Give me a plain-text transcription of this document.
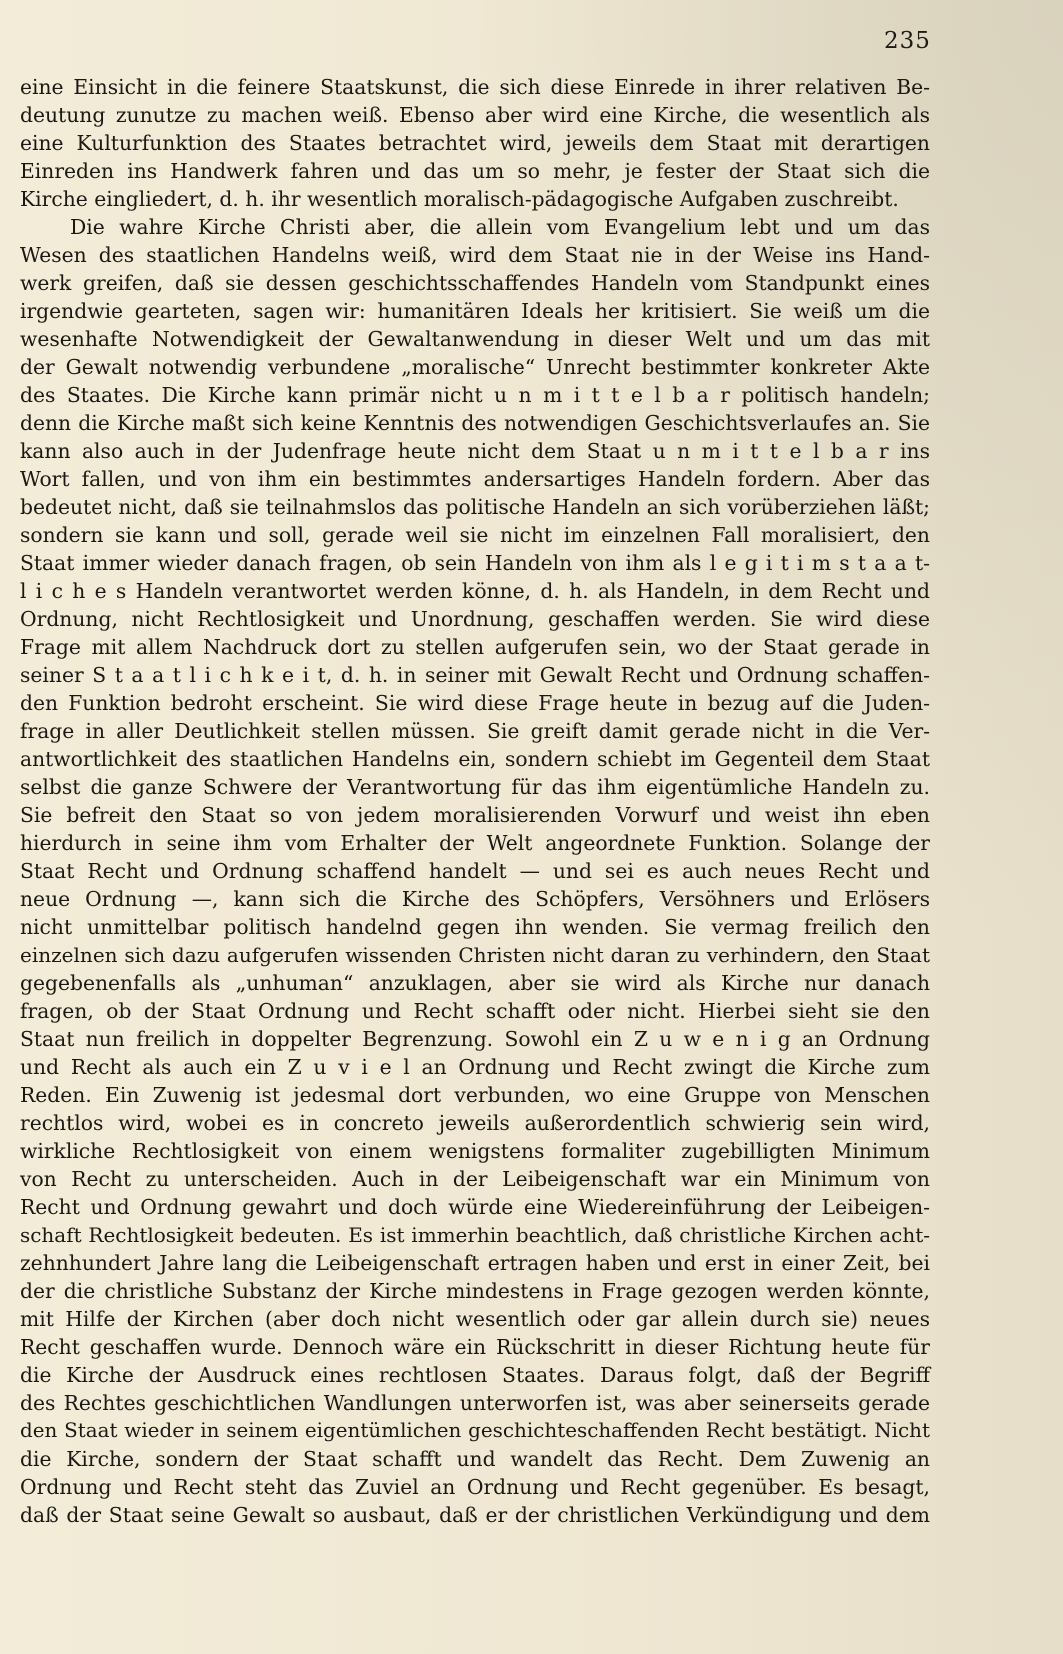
235
eine Einsicht in die feinere Staatskunst, die sich diese Einrede in ihrer relativen Be-
deutung zunutze zu machen weiß. Ebenso aber wird eine Kirche, die wesentlich als
eine Kulturfunktion des Staates betrachtet wird, jeweils dem Staat mit derartigen
Einreden ins Handwerk fahren und das um so mehr, je fester der Staat sich die
Kirche eingliedert, d. h. ihr wesentlich moralisch-pädagogische Aufgaben zuschreibt.
Die wahre Kirche Christi aber, die allein vom Evangelium lebt und um das
Wesen des staatlichen Handelns weiß, wird dem Staat nie in der Weise ins Hand-
werk greifen, daß sie dessen geschichtsschaffendes Handeln vom Standpunkt eines
irgendwie gearteten, sagen wir: humanitären Ideals her kritisiert. Sie weiß um die
wesenhafte Notwendigkeit der Gewaltanwendung in dieser Welt und um das mit
der Gewalt notwendig verbundene „moralische“ Unrecht bestimmter konkreter Akte
des Staates. Die Kirche kann primär nicht u n m i t t e l b a r politisch handeln;
denn die Kirche maßt sich keine Kenntnis des notwendigen Geschichtsverlaufes an. Sie
kann also auch in der Judenfrage heute nicht dem Staat u n m i t t e l b a r ins
Wort fallen, und von ihm ein bestimmtes andersartiges Handeln fordern. Aber das
bedeutet nicht, daß sie teilnahmslos das politische Handeln an sich vorüberziehen läßt;
sondern sie kann und soll, gerade weil sie nicht im einzelnen Fall moralisiert, den
Staat immer wieder danach fragen, ob sein Handeln von ihm als l e g i t i m s t a a t-
l i c h e s Handeln verantwortet werden könne, d. h. als Handeln, in dem Recht und
Ordnung, nicht Rechtlosigkeit und Unordnung, geschaffen werden. Sie wird diese
Frage mit allem Nachdruck dort zu stellen aufgerufen sein, wo der Staat gerade in
seiner S t a a t l i c h k e i t, d. h. in seiner mit Gewalt Recht und Ordnung schaffen-
den Funktion bedroht erscheint. Sie wird diese Frage heute in bezug auf die Juden-
frage in aller Deutlichkeit stellen müssen. Sie greift damit gerade nicht in die Ver-
antwortlichkeit des staatlichen Handelns ein, sondern schiebt im Gegenteil dem Staat
selbst die ganze Schwere der Verantwortung für das ihm eigentümliche Handeln zu.
Sie befreit den Staat so von jedem moralisierenden Vorwurf und weist ihn eben
hierdurch in seine ihm vom Erhalter der Welt angeordnete Funktion. Solange der
Staat Recht und Ordnung schaffend handelt — und sei es auch neues Recht und
neue Ordnung —, kann sich die Kirche des Schöpfers, Versöhners und Erlösers
nicht unmittelbar politisch handelnd gegen ihn wenden. Sie vermag freilich den
einzelnen sich dazu aufgerufen wissenden Christen nicht daran zu verhindern, den Staat
gegebenenfalls als „unhuman“ anzuklagen, aber sie wird als Kirche nur danach
fragen, ob der Staat Ordnung und Recht schafft oder nicht. Hierbei sieht sie den
Staat nun freilich in doppelter Begrenzung. Sowohl ein Z u w e n i g an Ordnung
und Recht als auch ein Z u v i e l an Ordnung und Recht zwingt die Kirche zum
Reden. Ein Zuwenig ist jedesmal dort verbunden, wo eine Gruppe von Menschen
rechtlos wird, wobei es in concreto jeweils außerordentlich schwierig sein wird,
wirkliche Rechtlosigkeit von einem wenigstens formaliter zugebilligten Minimum
von Recht zu unterscheiden. Auch in der Leibeigenschaft war ein Minimum von
Recht und Ordnung gewahrt und doch würde eine Wiedereinführung der Leibeigen-
schaft Rechtlosigkeit bedeuten. Es ist immerhin beachtlich, daß christliche Kirchen acht-
zehnhundert Jahre lang die Leibeigenschaft ertragen haben und erst in einer Zeit, bei
der die christliche Substanz der Kirche mindestens in Frage gezogen werden könnte,
mit Hilfe der Kirchen (aber doch nicht wesentlich oder gar allein durch sie) neues
Recht geschaffen wurde. Dennoch wäre ein Rückschritt in dieser Richtung heute für
die Kirche der Ausdruck eines rechtlosen Staates. Daraus folgt, daß der Begriff
des Rechtes geschichtlichen Wandlungen unterworfen ist, was aber seinerseits gerade
den Staat wieder in seinem eigentümlichen geschichteschaffenden Recht bestätigt. Nicht
die Kirche, sondern der Staat schafft und wandelt das Recht. Dem Zuwenig an
Ordnung und Recht steht das Zuviel an Ordnung und Recht gegenüber. Es besagt,
daß der Staat seine Gewalt so ausbaut, daß er der christlichen Verkündigung und dem
